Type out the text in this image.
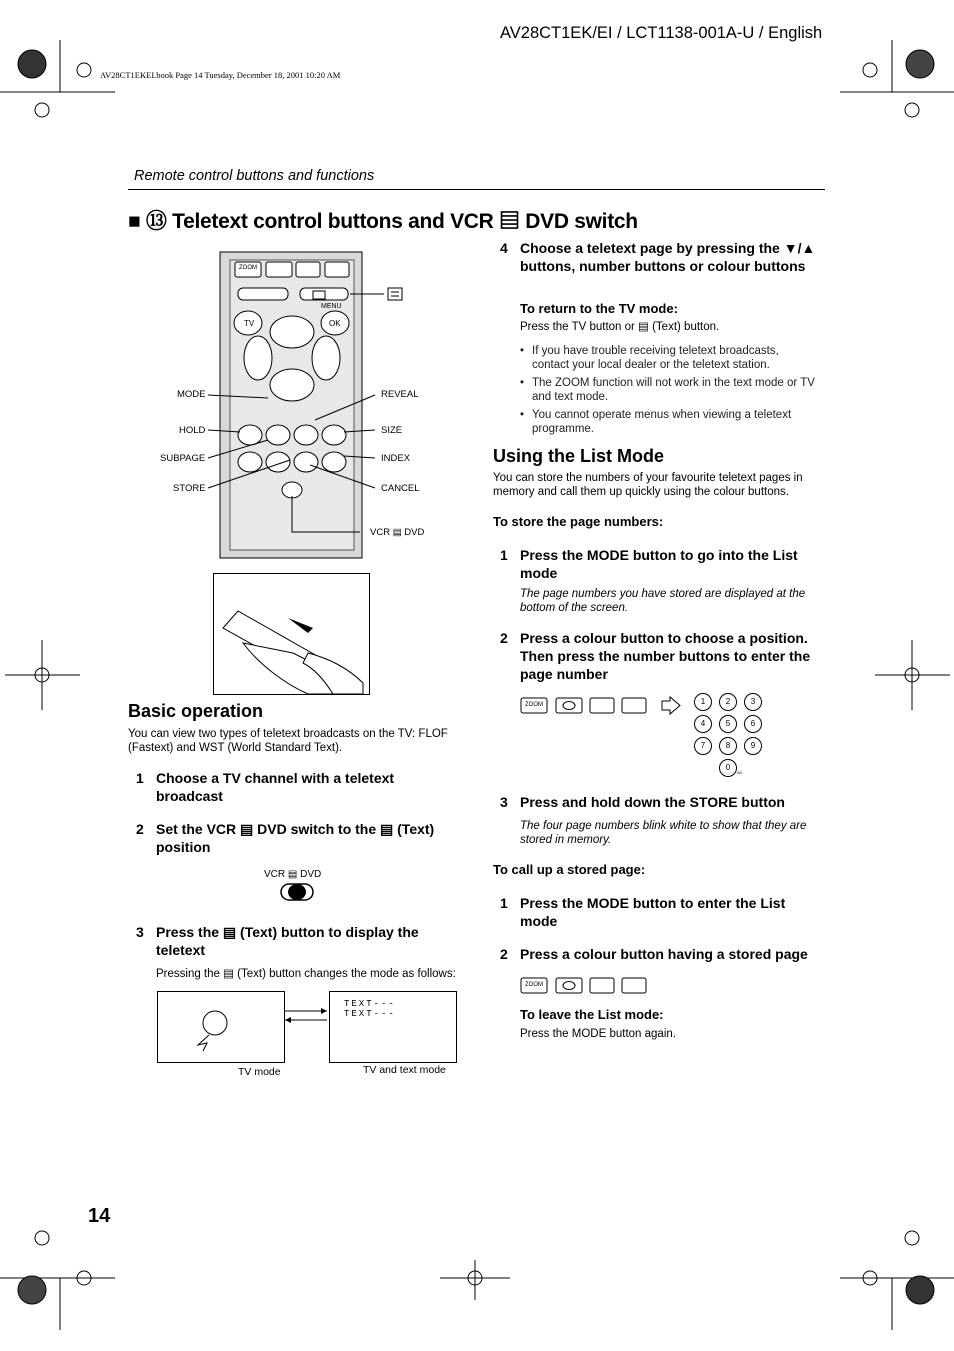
AV28CT1EK/EI / LCT1138-001A-U / English
AV28CT1EKEI.book Page 14 Tuesday, December 18, 2001 10:20 AM
Remote control buttons and functions
■ ⑬ Teletext control buttons and VCR ▤ DVD switch
MODE
HOLD
SUBPAGE
STORE
REVEAL
SIZE
INDEX
CANCEL
VCR ▤ DVD
ZOOM
TV	OK
MENU
Basic operation
You can view two types of teletext broadcasts on the TV: FLOF (Fastext) and WST (World Standard Text).
1 Choose a TV channel with a teletext broadcast
2 Set the VCR ▤ DVD switch to the ▤ (Text) position
VCR ▤ DVD
3 Press the ▤ (Text) button to display the teletext
Pressing the ▤ (Text) button changes the mode as follows:
TEXT---
TEXT---
TV mode	TV and text mode
4 Choose a teletext page by pressing the ▼/▲ buttons, number buttons or colour buttons
To return to the TV mode:
Press the TV button or ▤ (Text) button.
• If you have trouble receiving teletext broadcasts, contact your local dealer or the teletext station.
• The ZOOM function will not work in the text mode or TV and text mode.
• You cannot operate menus when viewing a teletext programme.
Using the List Mode
You can store the numbers of your favourite teletext pages in memory and call them up quickly using the colour buttons.
To store the page numbers:
1 Press the MODE button to go into the List mode
The page numbers you have stored are displayed at the bottom of the screen.
2 Press a colour button to choose a position. Then press the number buttons to enter the page number
ZOOM	1	2	3
4	5	6
7	8	9
0
AV
3 Press and hold down the STORE button
The four page numbers blink white to show that they are stored in memory.
To call up a stored page:
1 Press the MODE button to enter the List mode
2 Press a colour button having a stored page
ZOOM
To leave the List mode:
Press the MODE button again.
14
